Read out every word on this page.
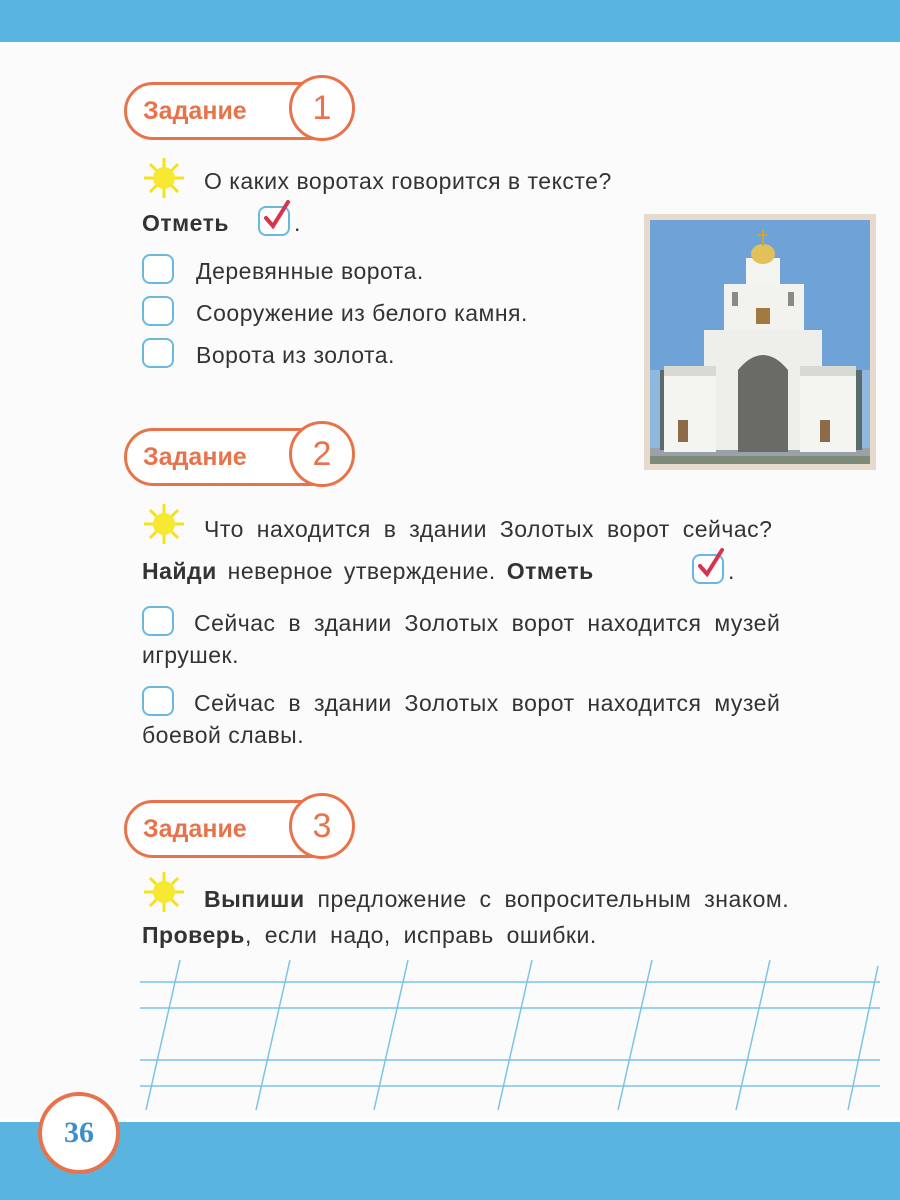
Задание	1
О каких воротах говорится в тексте?
Отметь	.
Деревянные ворота.
Сооружение из белого камня.
Ворота из золота.
Задание	2
Что находится в здании Золотых ворот сейчас?
Найди неверное утверждение. Отметь	.
Сейчас в здании Золотых ворот находится музей
игрушек.
Сейчас в здании Золотых ворот находится музей
боевой славы.
Задание	3
Выпиши предложение с вопросительным знаком.
Проверь, если надо, исправь ошибки.
36
